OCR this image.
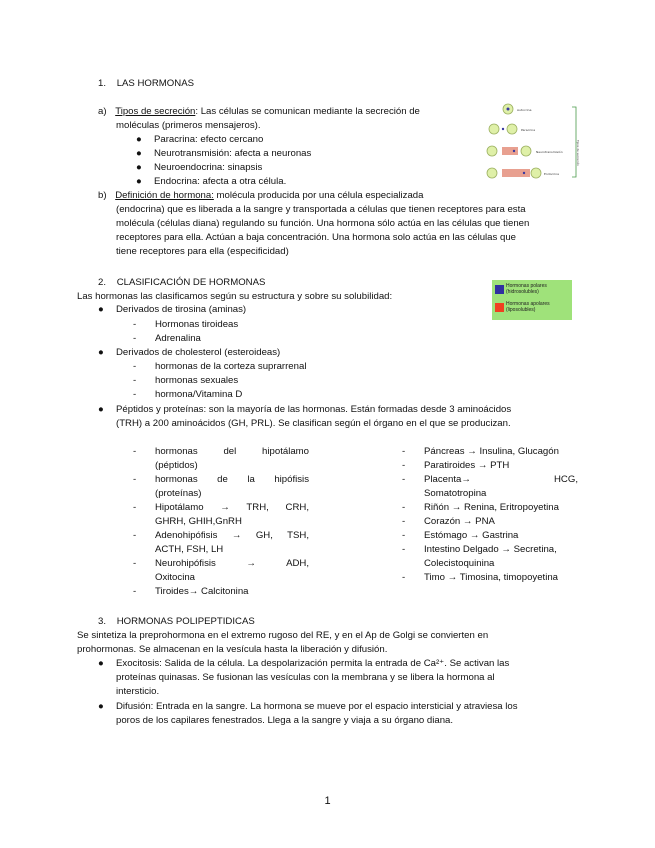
1. LAS HORMONAS
a) Tipos de secreción: Las células se comunican mediante la secreción de
moléculas (primeros mensajeros).
● Paracrina: efecto cercano
● Neurotransmisión: afecta a neuronas
● Neuroendocrina: sinapsis
● Endocrina: afecta a otra célula.
Autocrina
Paracrina
Neurotransmisión
Endocrina
Tipos de secreción
b) Definición de hormona: molécula producida por una célula especializada
(endocrina) que es liberada a la sangre y transportada a células que tienen receptores para esta
molécula (células diana) regulando su función. Una hormona sólo actúa en las células que tienen
receptores para ella. Actúan a baja concentración. Una hormona solo actúa en las células que
tiene receptores para ella (especificidad)
2. CLASIFICACIÓN DE HORMONAS	Hormonas polares (hidrosolubles)
Hormonas apolares (liposolubles)
Las hormonas las clasificamos según su estructura y sobre su solubilidad:
● Derivados de tirosina (aminas)
- Hormonas tiroideas
- Adrenalina
● Derivados de cholesterol (esteroideas)
- hormonas de la corteza suprarrenal
- hormonas sexuales
- hormona/Vitamina D
● Péptidos y proteínas: son la mayoría de las hormonas. Están formadas desde 3 aminoácidos
(TRH) a 200 aminoácidos (GH, PRL). Se clasifican según el órgano en el que se producizan.
- hormonas del hipotálamo
(péptidos)
- hormonas de la hipófisis
(proteínas)
- Hipotálamo → TRH, CRH,
GHRH, GHIH,GnRH
- Adenohipófisis → GH, TSH,
ACTH, FSH, LH
- Neurohipófisis → ADH,
Oxitocina
- Tiroides→ Calcitonina
- Páncreas → Insulina, Glucagón
- Paratiroides → PTH
- Placenta→ HCG,
Somatotropina
- Riñón → Renina, Eritropoyetina
- Corazón → PNA
- Estómago → Gastrina
- Intestino Delgado → Secretina,
Colecistoquinina
- Timo → Timosina, timopoyetina
3. HORMONAS POLIPEPTIDICAS
Se sintetiza la preprohormona en el extremo rugoso del RE, y en el Ap de Golgi se convierten en
prohormonas. Se almacenan en la vesícula hasta la liberación y difusión.
● Exocitosis: Salida de la célula. La despolarización permita la entrada de Ca²⁺. Se activan las
proteínas quinasas. Se fusionan las vesículas con la membrana y se libera la hormona al
intersticio.
● Difusión: Entrada en la sangre. La hormona se mueve por el espacio intersticial y atraviesa los
poros de los capilares fenestrados. Llega a la sangre y viaja a su órgano diana.
1
